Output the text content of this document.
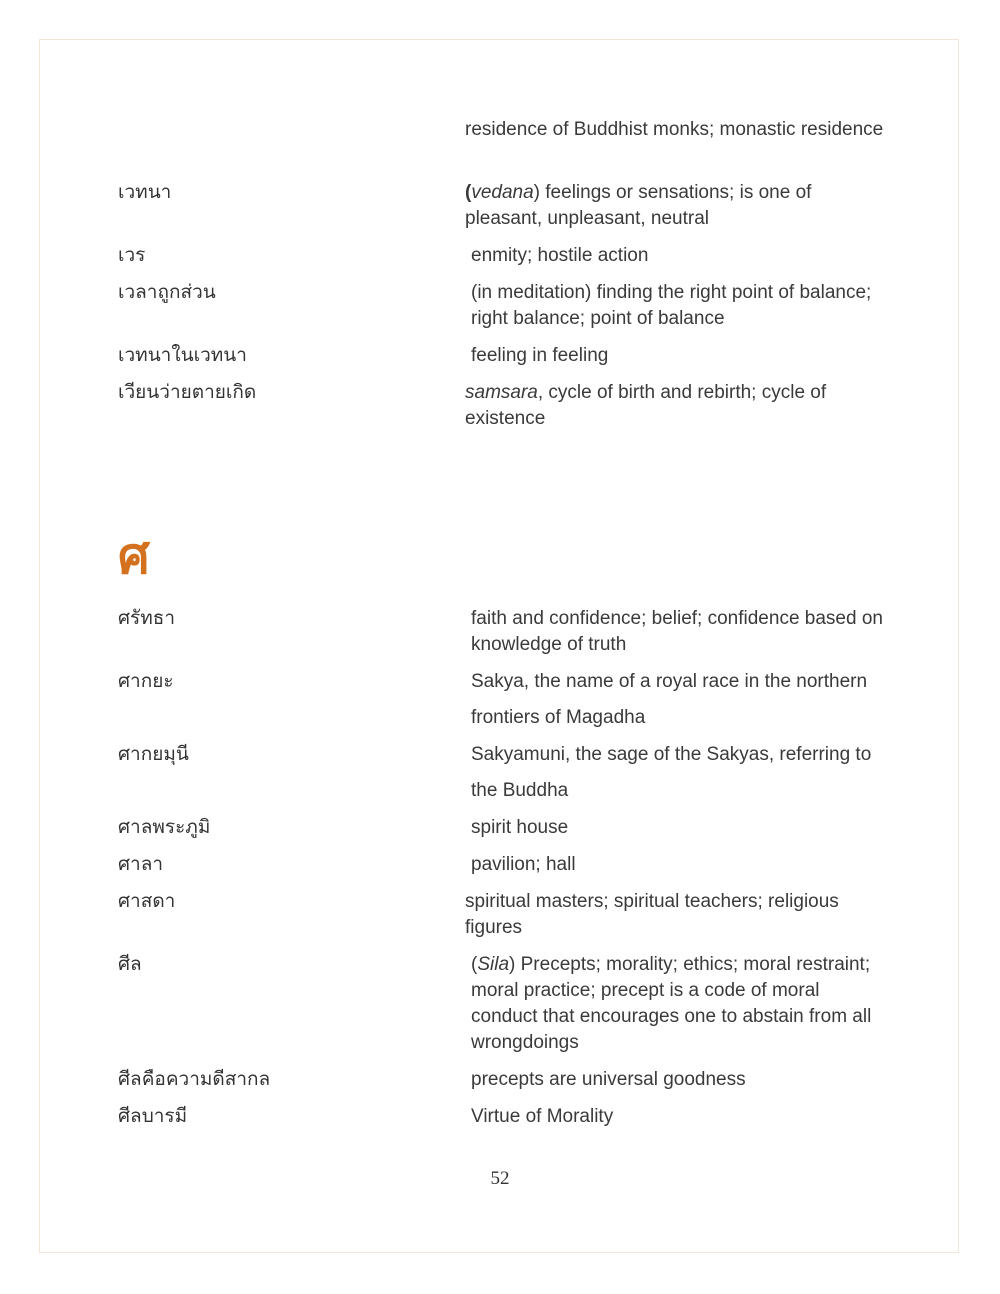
residence of Buddhist monks; monastic residence
เวทนา	(vedana) feelings or sensations; is one of pleasant, unpleasant, neutral
เวร	enmity; hostile action
เวลาถูกส่วน	(in meditation) finding the right point of balance; right balance; point of balance
เวทนาในเวทนา	feeling in feeling
เวียนว่ายตายเกิด	samsara, cycle of birth and rebirth; cycle of existence
ศ
ศรัทธา	faith and confidence; belief; confidence based on knowledge of truth
ศากยะ	Sakya, the name of a royal race in the northern frontiers of Magadha
ศากยมุนี	Sakyamuni, the sage of the Sakyas, referring to the Buddha
ศาลพระภูมิ	spirit house
ศาลา	pavilion; hall
ศาสดา	spiritual masters; spiritual teachers; religious figures
ศีล	(Sila) Precepts; morality; ethics; moral restraint; moral practice; precept is a code of moral conduct that encourages one to abstain from all wrongdoings
ศีลคือความดีสากล	precepts are universal goodness
ศีลบารมี	Virtue of Morality
52
